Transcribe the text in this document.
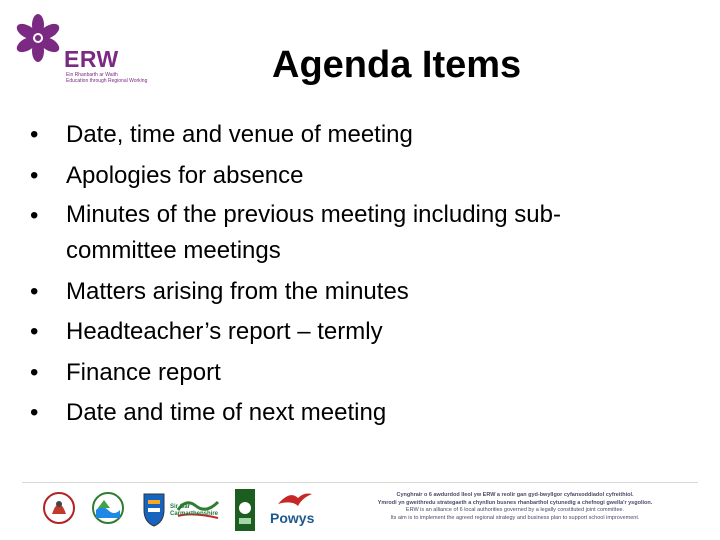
ERW
Ein Rhanbarth ar Waith
Education through Regional Working	Agenda Items
•	Date, time and venue of meeting
•	Apologies for absence
•	Minutes of the previous meeting including sub-
committee meetings
•	Matters arising from the minutes
•	Headteacher’s report – termly
•	Finance report
•	Date and time of next meeting
Sir Gâr Carmarthenshire	Powys
Cynghrair o 6 awdurdod lleol yw ERW a reolir gan gyd-bwyllgor cyfansoddiadol cyfreithiol.
Ymrodi yn gweithredu strategaeth a chynllun busnes rhanbarthol cytunedig a chefnogi gwella'r ysgolion.
ERW is an alliance of 6 local authorities governed by a legally constituted joint committee.
Its aim is to implement the agreed regional strategy and business plan to support school improvement.
